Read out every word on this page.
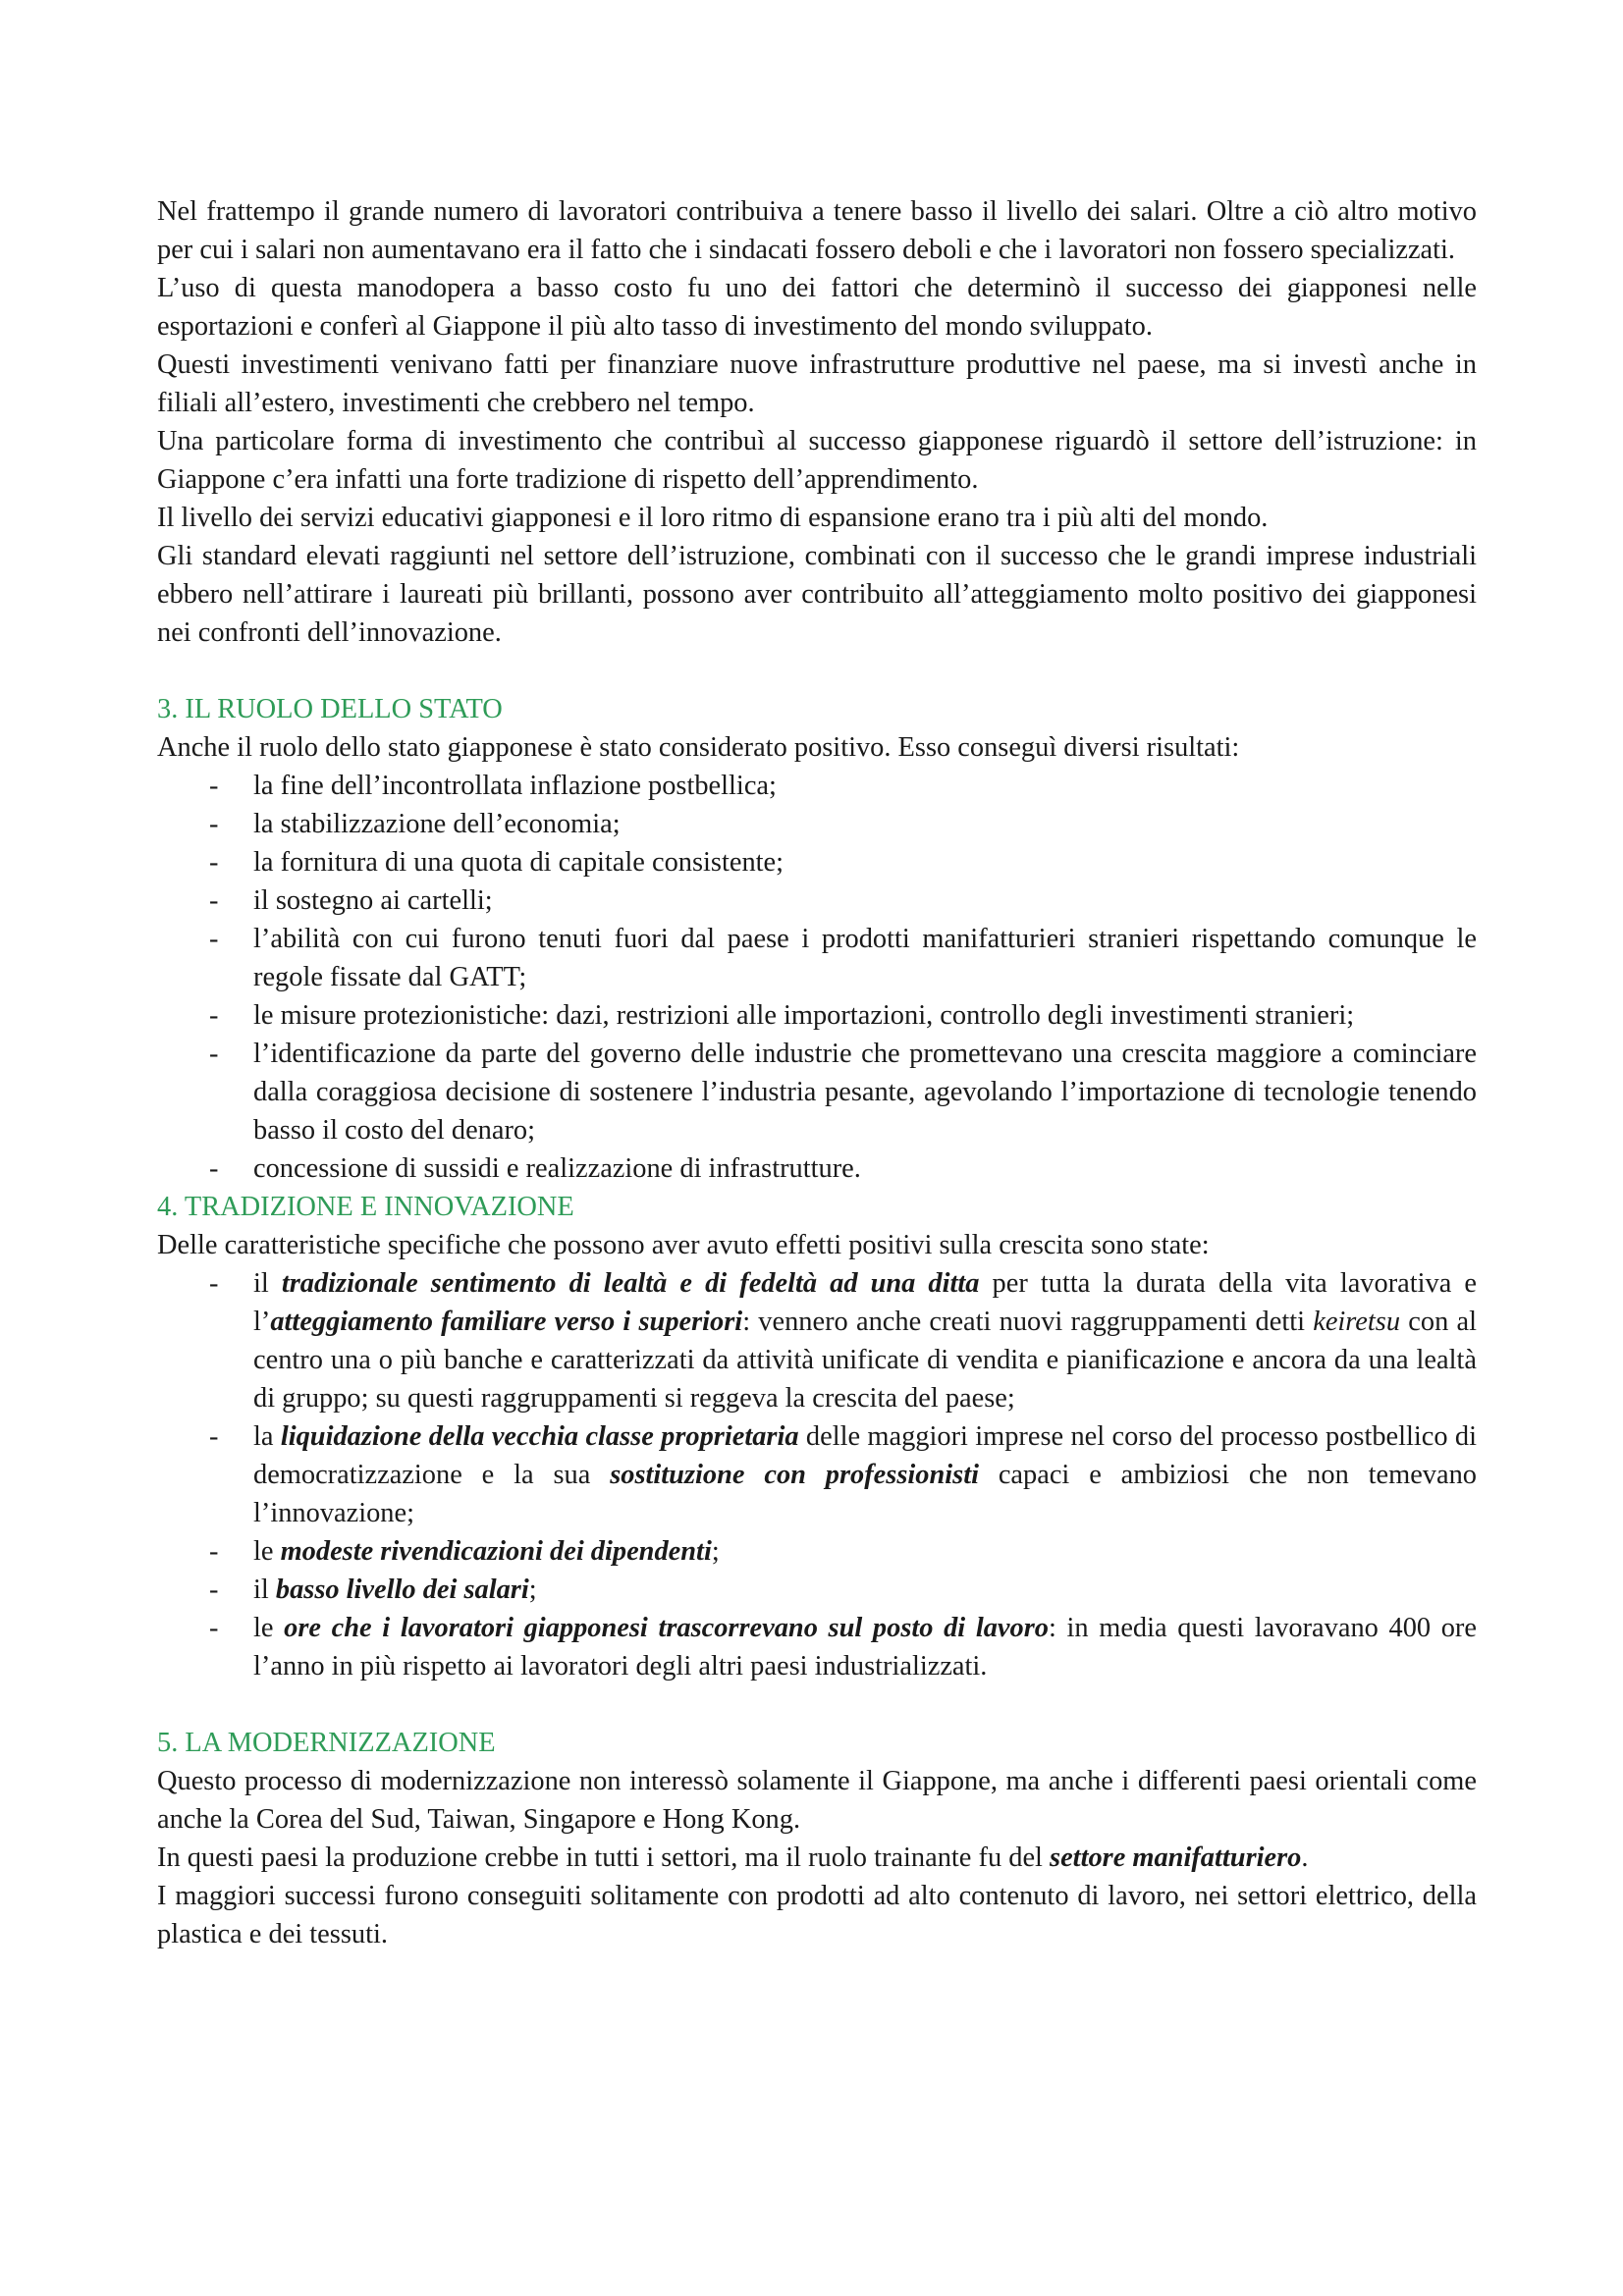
Nel frattempo il grande numero di lavoratori contribuiva a tenere basso il livello dei salari. Oltre a ciò altro motivo per cui i salari non aumentavano era il fatto che i sindacati fossero deboli e che i lavoratori non fossero specializzati.

L’uso di questa manodopera a basso costo fu uno dei fattori che determinò il successo dei giapponesi nelle esportazioni e conferì al Giappone il più alto tasso di investimento del mondo sviluppato.

Questi investimenti venivano fatti per finanziare nuove infrastrutture produttive nel paese, ma si investì anche in filiali all’estero, investimenti che crebbero nel tempo.

Una particolare forma di investimento che contribuì al successo giapponese riguardò il settore dell’istruzione: in Giappone c’era infatti una forte tradizione di rispetto dell’apprendimento.

Il livello dei servizi educativi giapponesi e il loro ritmo di espansione erano tra i più alti del mondo.

Gli standard elevati raggiunti nel settore dell’istruzione, combinati con il successo che le grandi imprese industriali ebbero nell’attirare i laureati più brillanti, possono aver contribuito all’atteggiamento molto positivo dei giapponesi nei confronti dell’innovazione.

3. IL RUOLO DELLO STATO

Anche il ruolo dello stato giapponese è stato considerato positivo. Esso conseguì diversi risultati:

- la fine dell’incontrollata inflazione postbellica;
- la stabilizzazione dell’economia;
- la fornitura di una quota di capitale consistente;
- il sostegno ai cartelli;
- l’abilità con cui furono tenuti fuori dal paese i prodotti manifatturieri stranieri rispettando comunque le regole fissate dal GATT;
- le misure protezionistiche: dazi, restrizioni alle importazioni, controllo degli investimenti stranieri;
- l’identificazione da parte del governo delle industrie che promettevano una crescita maggiore a cominciare dalla coraggiosa decisione di sostenere l’industria pesante, agevolando l’importazione di tecnologie tenendo basso il costo del denaro;
- concessione di sussidi e realizzazione di infrastrutture.
4. TRADIZIONE E INNOVAZIONE

Delle caratteristiche specifiche che possono aver avuto effetti positivi sulla crescita sono state:

- il tradizionale sentimento di lealtà e di fedeltà ad una ditta per tutta la durata della vita lavorativa e l’atteggiamento familiare verso i superiori: vennero anche creati nuovi raggruppamenti detti keiretsu con al centro una o più banche e caratterizzati da attività unificate di vendita e pianificazione e ancora da una lealtà di gruppo; su questi raggruppamenti si reggeva la crescita del paese;
- la liquidazione della vecchia classe proprietaria delle maggiori imprese nel corso del processo postbellico di democratizzazione e la sua sostituzione con professionisti capaci e ambiziosi che non temevano l’innovazione;
- le modeste rivendicazioni dei dipendenti;
- il basso livello dei salari;
- le ore che i lavoratori giapponesi trascorrevano sul posto di lavoro: in media questi lavoravano 400 ore l’anno in più rispetto ai lavoratori degli altri paesi industrializzati.
5. LA MODERNIZZAZIONE

Questo processo di modernizzazione non interessò solamente il Giappone, ma anche i differenti paesi orientali come anche la Corea del Sud, Taiwan, Singapore e Hong Kong.

In questi paesi la produzione crebbe in tutti i settori, ma il ruolo trainante fu del settore manifatturiero.

I maggiori successi furono conseguiti solitamente con prodotti ad alto contenuto di lavoro, nei settori elettrico, della plastica e dei tessuti.
